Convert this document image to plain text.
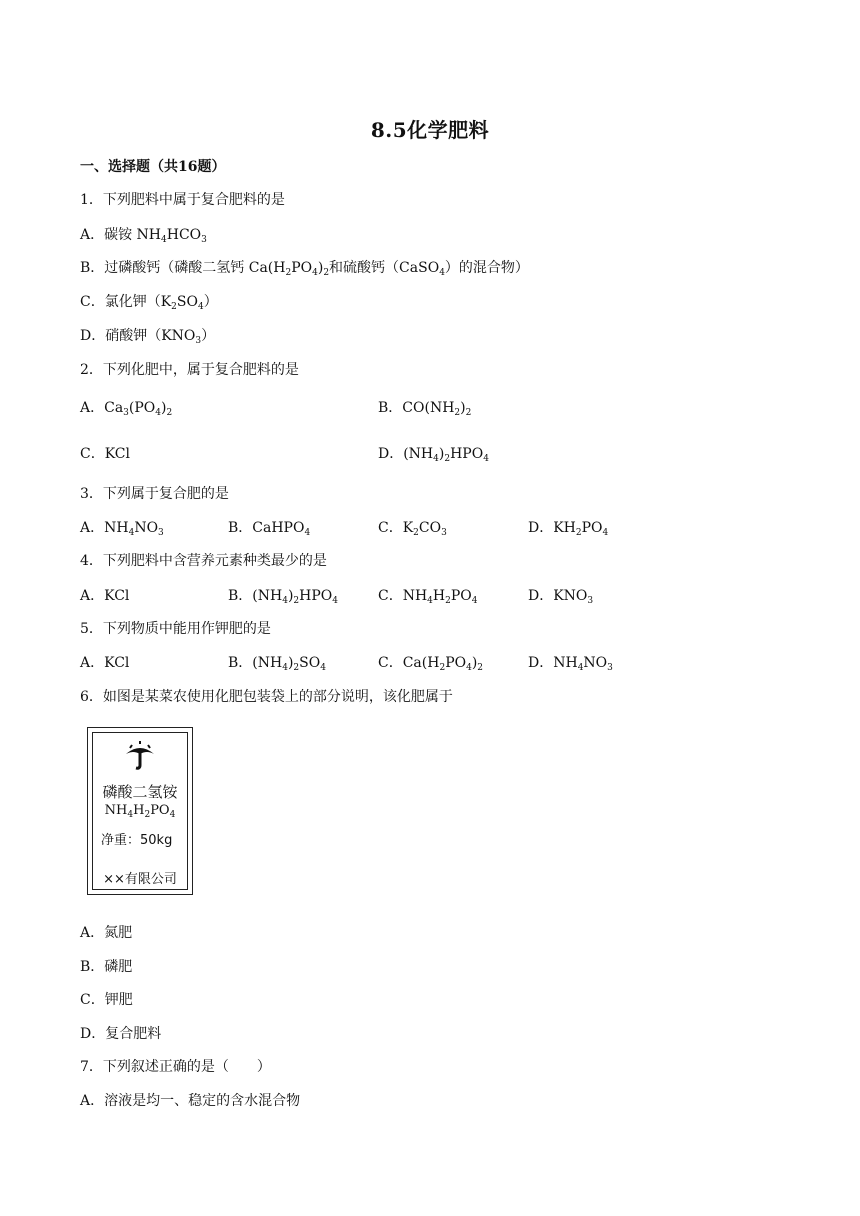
8.5化学肥料
一、选择题（共16题）
1．下列肥料中属于复合肥料的是
A．碳铵 $NH_4HCO_3$
B．过磷酸钙（磷酸二氢钙 $Ca(H_2PO_4)_2$和硫酸钙（CaSO$_4$）的混合物）
C．氯化钾$(K_2SO_4)$
D．硝酸钾$(KNO_3)$
2．下列化肥中，属于复合肥料的是
A．$Ca_3(PO_4)_2$	B．$CO(NH_2)_2$
C．KCl	D．$(NH_4)_2HPO_4$
3．下列属于复合肥的是
A．$NH_4NO_3$	B．CaHPO$_4$	C．$K_2CO_3$	D．$KH_2PO_4$
4．下列肥料中含营养元素种类最少的是
A．KCl	B．$(NH_4)_2HPO_4$	C．$NH_4H_2PO_4$	D．$KNO_3$
5．下列物质中能用作钾肥的是
A．KCl	B．$(NH_4)_2SO_4$	C．$Ca(H_2PO_4)_2$	D．$NH_4NO_3$
6．如图是某菜农使用化肥包装袋上的部分说明，该化肥属于
磷酸二氢铵
$NH_4H_2PO_4$
净重：50kg
××有限公司
A．氮肥
B．磷肥
C．钾肥
D．复合肥料
7．下列叙述正确的是（　　）
A．溶液是均一、稳定的含水混合物
